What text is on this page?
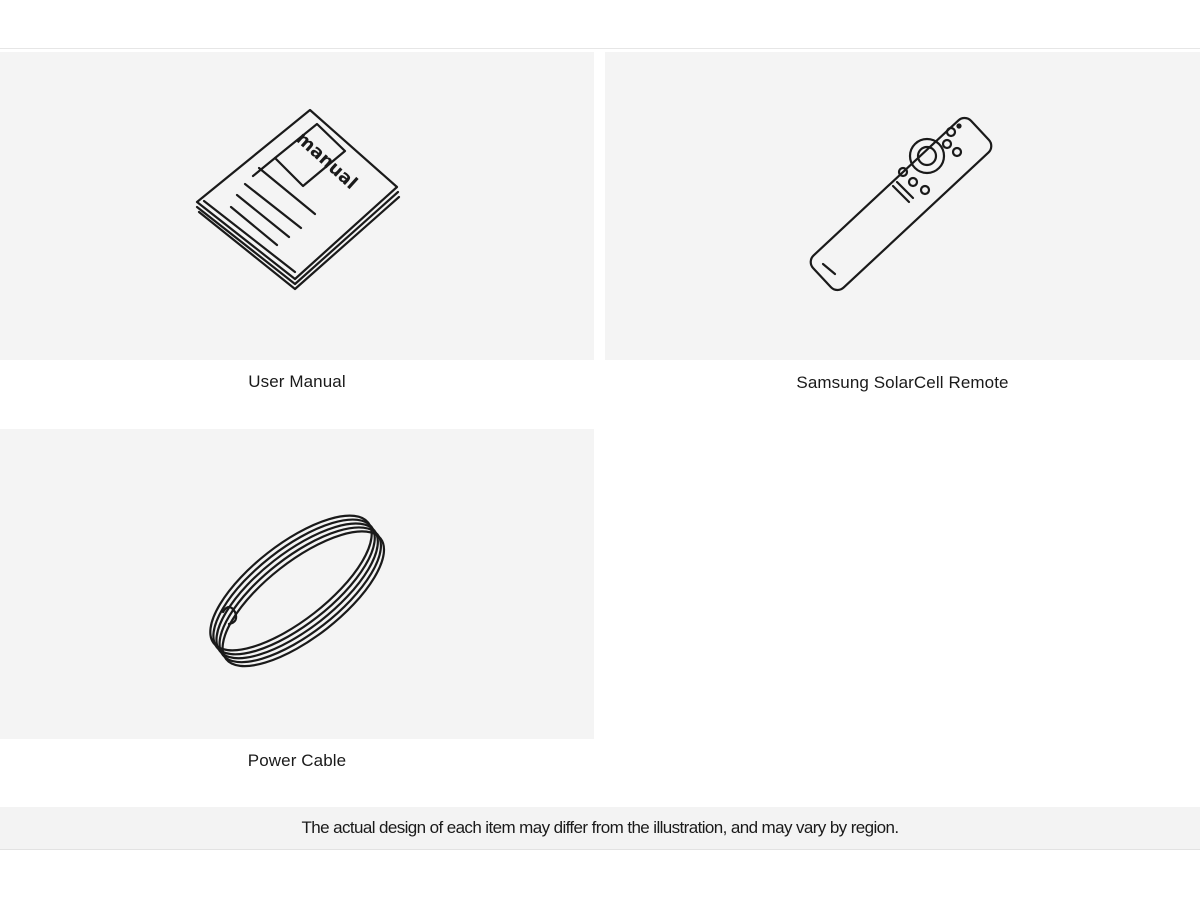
manual
User Manual	Samsung SolarCell Remote
Power Cable
The actual design of each item may differ from the illustration, and may vary by region.
